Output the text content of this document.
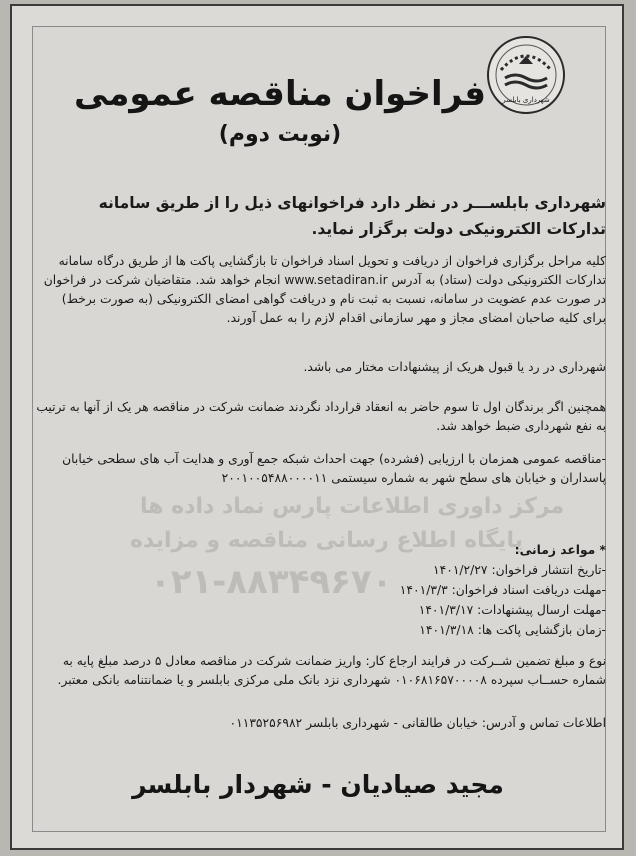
شهرداری بابلسر
مرکز داوری اطلاعات پارس نماد داده ها
پایگاه اطلاع رسانی مناقصه و مزایده
۰۲۱-۸۸۳۴۹۶۷۰
فراخوان مناقصه عمومی
(نوبت دوم)
شهرداری بابلســـر در نظر دارد فراخوانهای ذیل را از طریق سامانه تدارکات الکترونیکی دولت برگزار نماید.
کلیه مراحل برگزاری فراخوان از دریافت و تحویل اسناد فراخوان تا بازگشایی پاکت ها از طریق درگاه سامانه تدارکات الکترونیکی دولت (ستاد) به آدرس www.setadiran.ir انجام خواهد شد. متقاضیان شرکت در فراخوان در صورت عدم عضویت در سامانه، نسبت به ثبت نام و دریافت گواهی امضای الکترونیکی (به صورت برخط) برای کلیه صاحبان امضای مجاز و مهر سازمانی اقدام لازم را به عمل آورند.
شهرداری در رد یا قبول هریک از پیشنهادات مختار می باشد.
همچنین اگر برندگان اول تا سوم حاضر به انعقاد قرارداد نگردند ضمانت شرکت در مناقصه هر یک از آنها به ترتیب به نفع شهرداری ضبط خواهد شد.
-مناقصه عمومی همزمان با ارزیابی (فشرده) جهت احداث شبکه جمع آوری و هدایت آب های سطحی خیابان پاسداران و خیابان های سطح شهر به شماره سیستمی ۲۰۰۱۰۰۵۴۸۸۰۰۰۰۱۱
* مواعد زمانی:
-تاریخ انتشار فراخوان: ۱۴۰۱/۲/۲۷
-مهلت دریافت اسناد فراخوان: ۱۴۰۱/۳/۳
-مهلت ارسال پیشنهادات: ۱۴۰۱/۳/۱۷
-زمان بازگشایی پاکت ها: ۱۴۰۱/۳/۱۸
نوع و مبلغ تضمین شــرکت در فرایند ارجاع کار: واریز ضمانت شرکت در مناقصه معادل ۵ درصد مبلغ پایه به شماره حســاب سپرده ۰۱۰۶۸۱۶۵۷۰۰۰۰۸ شهرداری نزد بانک ملی مرکزی بابلسر و یا ضمانتنامه بانکی معتبر.
اطلاعات تماس و آدرس: خیابان طالقانی - شهرداری بابلسر ۰۱۱۳۵۲۵۶۹۸۲
مجید صیادیان - شهردار بابلسر
